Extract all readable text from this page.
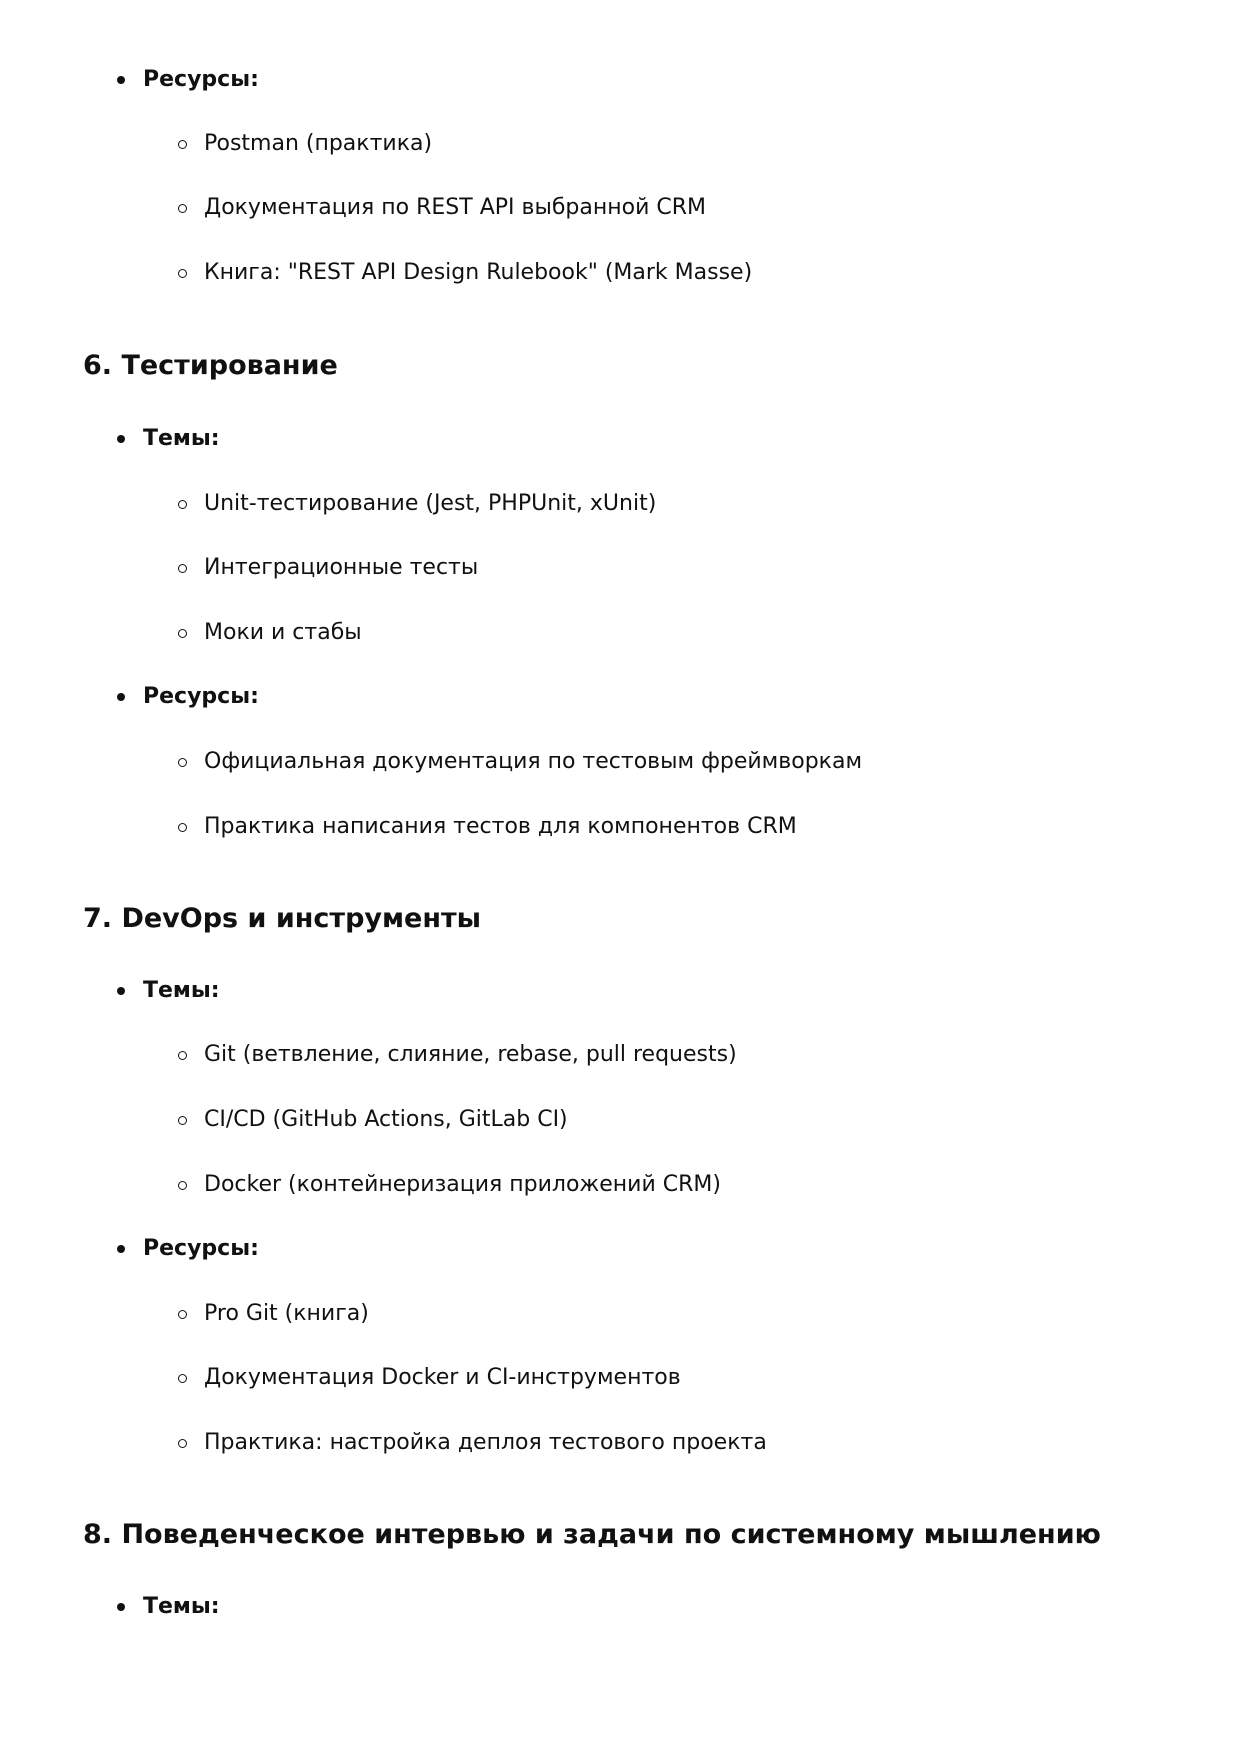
Ресурсы:
Postman (практика)
Документация по REST API выбранной CRM
Книга: "REST API Design Rulebook" (Mark Masse)
6. Тестирование
Темы:
Unit-тестирование (Jest, PHPUnit, xUnit)
Интеграционные тесты
Моки и стабы
Ресурсы:
Официальная документация по тестовым фреймворкам
Практика написания тестов для компонентов CRM
7. DevOps и инструменты
Темы:
Git (ветвление, слияние, rebase, pull requests)
CI/CD (GitHub Actions, GitLab CI)
Docker (контейнеризация приложений CRM)
Ресурсы:
Pro Git (книга)
Документация Docker и CI-инструментов
Практика: настройка деплоя тестового проекта
8. Поведенческое интервью и задачи по системному мышлению
Темы:
